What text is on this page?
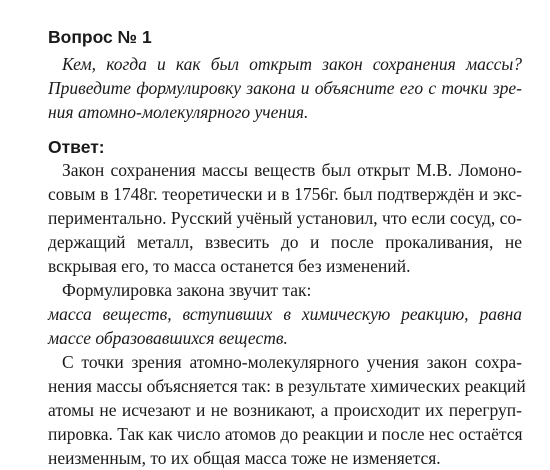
Вопрос № 1

Кем, когда и как был открыт закон сохранения массы?
Приведите формулировку закона и объясните его с точки зре-
ния атомно-молекулярного учения.

Ответ:

Закон сохранения массы веществ был открыт М.В. Ломоно-
совым в 1748г. теоретически и в 1756г. был подтверждён и экс-
периментально. Русский учёный установил, что если сосуд, со-
держащий металл, взвесить до и после прокаливания, не
вскрывая его, то масса останется без изменений.

Формулировка закона звучит так:

масса веществ, вступивших в химическую реакцию, равна
массе образовавшихся веществ.

С точки зрения атомно-молекулярного учения закон сохра-
нения массы объясняется так: в результате химических реакций
атомы не исчезают и не возникают, а происходит их перегруп-
пировка. Так как число атомов до реакции и после нес остаётся
неизменным, то их общая масса тоже не изменяется.
